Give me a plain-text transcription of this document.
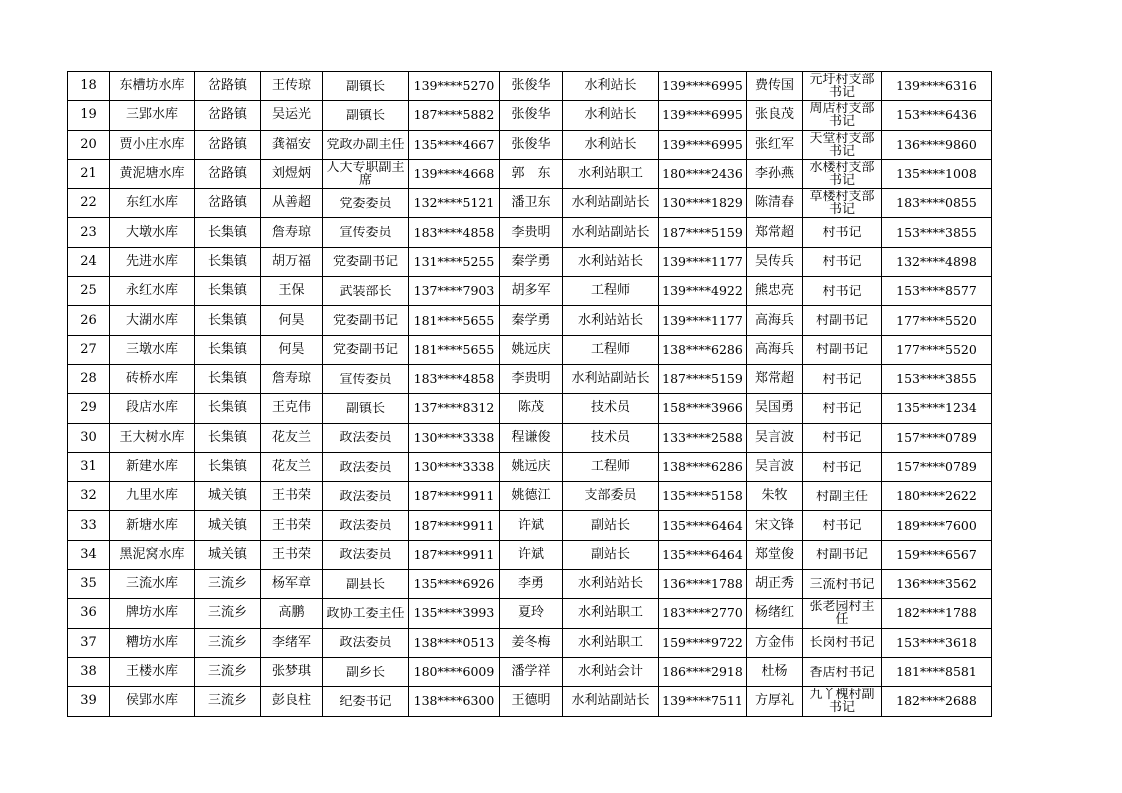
18	东槽坊水库	岔路镇	王传琼	副镇长	139****5270	张俊华	水利站长	139****6995	费传国	元圩村支部书记	139****6316
19	三郢水库	岔路镇	吴运光	副镇长	187****5882	张俊华	水利站长	139****6995	张良茂	周店村支部书记	153****6436
20	贾小庄水库	岔路镇	龚福安	党政办副主任	135****4667	张俊华	水利站长	139****6995	张红军	天堂村支部书记	136****9860
21	黄泥塘水库	岔路镇	刘煜炳	人大专职副主席	139****4668	郭　东	水利站职工	180****2436	李孙燕	水楼村支部书记	135****1008
22	东红水库	岔路镇	从善超	党委委员	132****5121	潘卫东	水利站副站长	130****1829	陈清春	草楼村支部书记	183****0855
23	大墩水库	长集镇	詹寿琼	宣传委员	183****4858	李贵明	水利站副站长	187****5159	郑常超	村书记	153****3855
24	先进水库	长集镇	胡万福	党委副书记	131****5255	秦学勇	水利站站长	139****1177	吴传兵	村书记	132****4898
25	永红水库	长集镇	王保	武装部长	137****7903	胡多军	工程师	139****4922	熊忠亮	村书记	153****8577
26	大湖水库	长集镇	何昊	党委副书记	181****5655	秦学勇	水利站站长	139****1177	高海兵	村副书记	177****5520
27	三墩水库	长集镇	何昊	党委副书记	181****5655	姚远庆	工程师	138****6286	高海兵	村副书记	177****5520
28	砖桥水库	长集镇	詹寿琼	宣传委员	183****4858	李贵明	水利站副站长	187****5159	郑常超	村书记	153****3855
29	段店水库	长集镇	王克伟	副镇长	137****8312	陈茂	技术员	158****3966	吴国勇	村书记	135****1234
30	王大树水库	长集镇	花友兰	政法委员	130****3338	程谦俊	技术员	133****2588	吴言波	村书记	157****0789
31	新建水库	长集镇	花友兰	政法委员	130****3338	姚远庆	工程师	138****6286	吴言波	村书记	157****0789
32	九里水库	城关镇	王书荣	政法委员	187****9911	姚德江	支部委员	135****5158	朱牧	村副主任	180****2622
33	新塘水库	城关镇	王书荣	政法委员	187****9911	许斌	副站长	135****6464	宋文锋	村书记	189****7600
34	黑泥窝水库	城关镇	王书荣	政法委员	187****9911	许斌	副站长	135****6464	郑堂俊	村副书记	159****6567
35	三流水库	三流乡	杨军章	副县长	135****6926	李勇	水利站站长	136****1788	胡正秀	三流村书记	136****3562
36	牌坊水库	三流乡	高鹏	政协工委主任	135****3993	夏玲	水利站职工	183****2770	杨绪红	张老园村主任	182****1788
37	糟坊水库	三流乡	李绪军	政法委员	138****0513	姜冬梅	水利站职工	159****9722	方金伟	长岗村书记	153****3618
38	王楼水库	三流乡	张梦琪	副乡长	180****6009	潘学祥	水利站会计	186****2918	杜杨	香店村书记	181****8581
39	侯郢水库	三流乡	彭良柱	纪委书记	138****6300	王德明	水利站副站长	139****7511	方厚礼	九丫槐村副书记	182****2688
